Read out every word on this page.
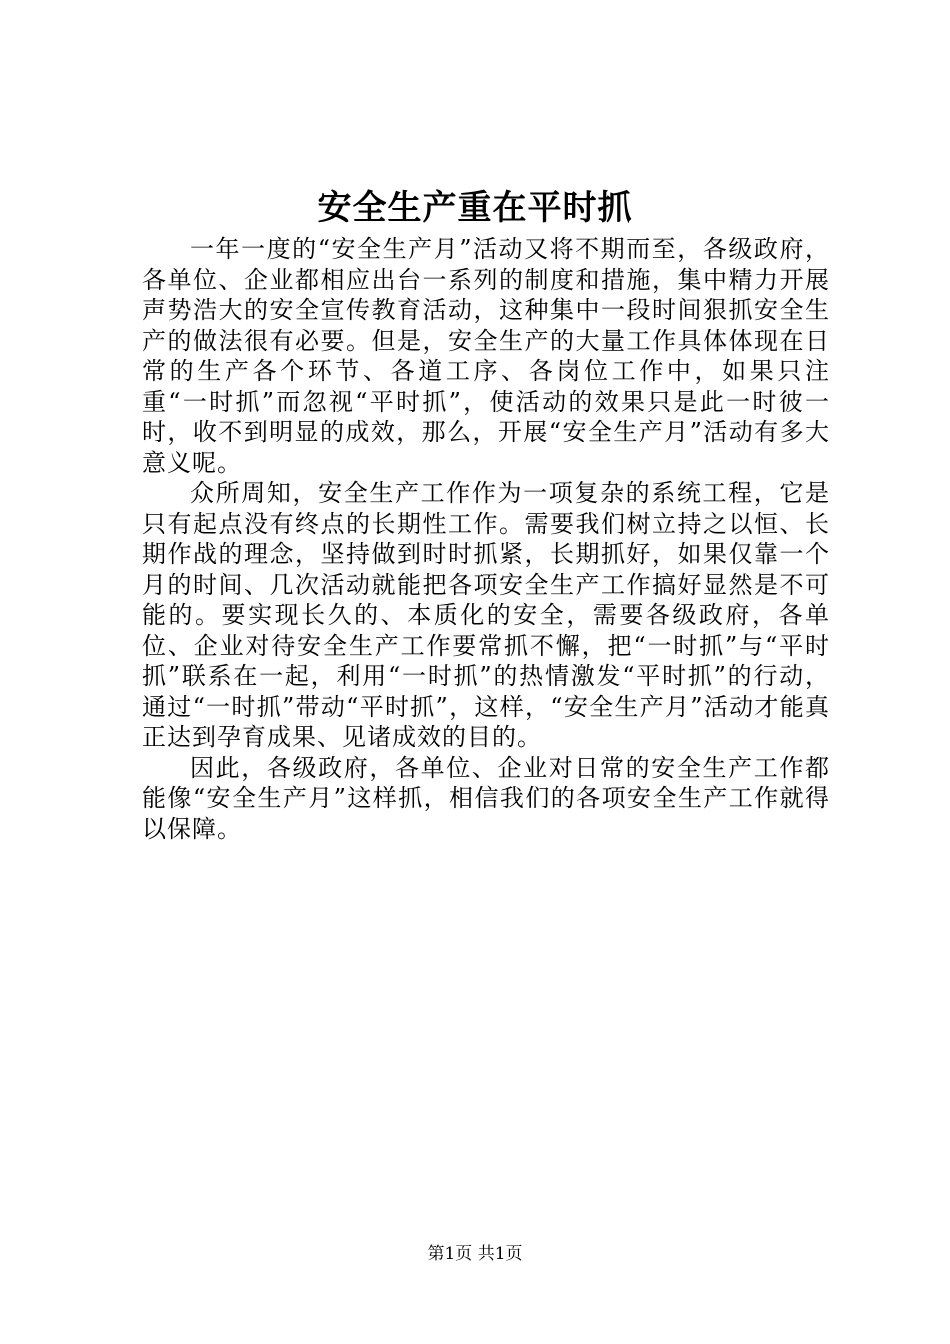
安全生产重在平时抓

一年一度的“安全生产月”活动又将不期而至，各级政府，各单位、企业都相应出台一系列的制度和措施，集中精力开展声势浩大的安全宣传教育活动，这种集中一段时间狠抓安全生产的做法很有必要。但是，安全生产的大量工作具体体现在日常的生产各个环节、各道工序、各岗位工作中，如果只注重“一时抓”而忽视“平时抓”，使活动的效果只是此一时彼一时，收不到明显的成效，那么，开展“安全生产月”活动有多大意义呢。

众所周知，安全生产工作作为一项复杂的系统工程，它是只有起点没有终点的长期性工作。需要我们树立持之以恒、长期作战的理念，坚持做到时时抓紧，长期抓好，如果仅靠一个月的时间、几次活动就能把各项安全生产工作搞好显然是不可能的。要实现长久的、本质化的安全，需要各级政府，各单位、企业对待安全生产工作要常抓不懈，把“一时抓”与“平时抓”联系在一起，利用“一时抓”的热情激发“平时抓”的行动，通过“一时抓”带动“平时抓”，这样，“安全生产月”活动才能真正达到孕育成果、见诸成效的目的。

因此，各级政府，各单位、企业对日常的安全生产工作都能像“安全生产月”这样抓，相信我们的各项安全生产工作就得以保障。

第1页 共1页
